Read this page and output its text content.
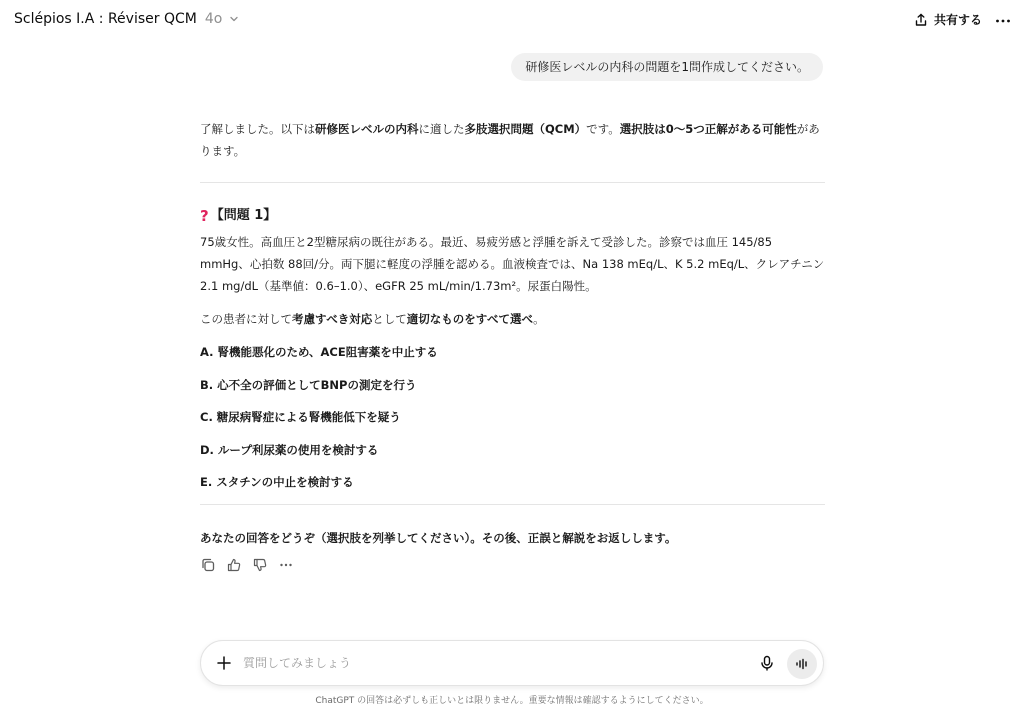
Sclépios I.A : Réviser QCM 4o	共有する
研修医レベルの内科の問題を1問作成してください。

了解しました。以下は研修医レベルの内科に適した多肢選択問題（QCM）です。選択肢は0〜5つ正解がある可能性があります。

? 【問題 1】

75歳女性。高血圧と2型糖尿病の既往がある。最近、易疲労感と浮腫を訴えて受診した。診察では血圧 145/85 mmHg、心拍数 88回/分。両下腿に軽度の浮腫を認める。血液検査では、Na 138 mEq/L、K 5.2 mEq/L、クレアチニン 2.1 mg/dL（基準値：0.6–1.0）、eGFR 25 mL/min/1.73m²。尿蛋白陽性。

この患者に対して考慮すべき対応として適切なものをすべて選べ。

A. 腎機能悪化のため、ACE阻害薬を中止する
B. 心不全の評価としてBNPの測定を行う
C. 糖尿病腎症による腎機能低下を疑う
D. ループ利尿薬の使用を検討する
E. スタチンの中止を検討する

あなたの回答をどうぞ（選択肢を列挙してください）。その後、正誤と解説をお返しします。

質問してみましょう
ChatGPT の回答は必ずしも正しいとは限りません。重要な情報は確認するようにしてください。
